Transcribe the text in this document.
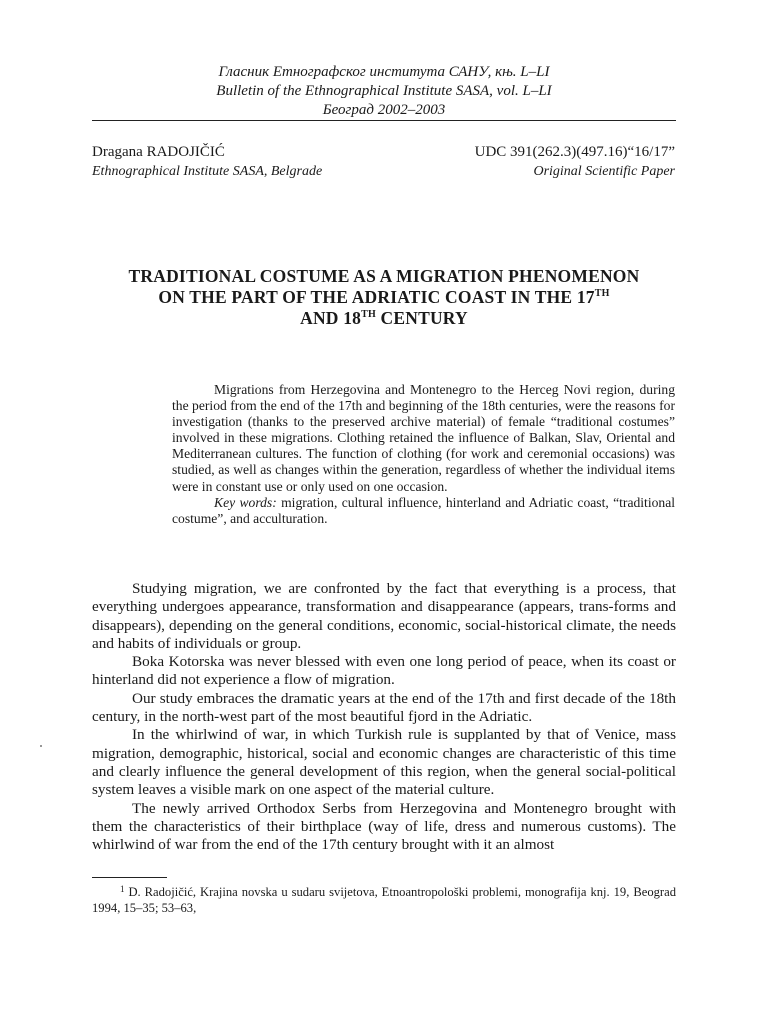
Гласник Етнографског института САНУ, књ. L–LI
Bulletin of the Ethnographical Institute SASA, vol. L–LI
Београд 2002–2003
Dragana RADOJIČIĆ
Ethnographical Institute SASA, Belgrade
UDC 391(262.3)(497.16)“16/17”
Original Scientific Paper
TRADITIONAL COSTUME AS A MIGRATION PHENOMENON
ON THE PART OF THE ADRIATIC COAST IN THE 17TH
AND 18TH CENTURY

Migrations from Herzegovina and Montenegro to the Herceg Novi region, during the period from the end of the 17th and beginning of the 18th centuries, were the reasons for investigation (thanks to the preserved archive material) of female “traditional costumes” involved in these migrations. Clothing retained the influence of Balkan, Slav, Oriental and Mediterranean cultures. The function of clothing (for work and ceremonial occasions) was studied, as well as changes within the generation, regardless of whether the individual items were in constant use or only used on one occasion.

Key words: migration, cultural influence, hinterland and Adriatic coast, “traditional costume”, and acculturation.

Studying migration, we are confronted by the fact that everything is a process, that everything undergoes appearance, transformation and disappearance (appears, trans-forms and disappears), depending on the general conditions, economic, social-historical climate, the needs and habits of individuals or group.

Boka Kotorska was never blessed with even one long period of peace, when its coast or hinterland did not experience a flow of migration.

Our study embraces the dramatic years at the end of the 17th and first decade of the 18th century, in the north-west part of the most beautiful fjord in the Adriatic.

In the whirlwind of war, in which Turkish rule is supplanted by that of Venice, mass migration, demographic, historical, social and economic changes are characteristic of this time and clearly influence the general development of this region, when the general social-political system leaves a visible mark on one aspect of the material culture.

The newly arrived Orthodox Serbs from Herzegovina and Montenegro brought with them the characteristics of their birthplace (way of life, dress and numerous customs). The whirlwind of war from the end of the 17th century brought with it an almost

$^1$ D. Radojičić, Krajina novska u sudaru svijetova, Etnoantropološki problemi, monografija knj. 19, Beograd 1994, 15–35; 53–63,
